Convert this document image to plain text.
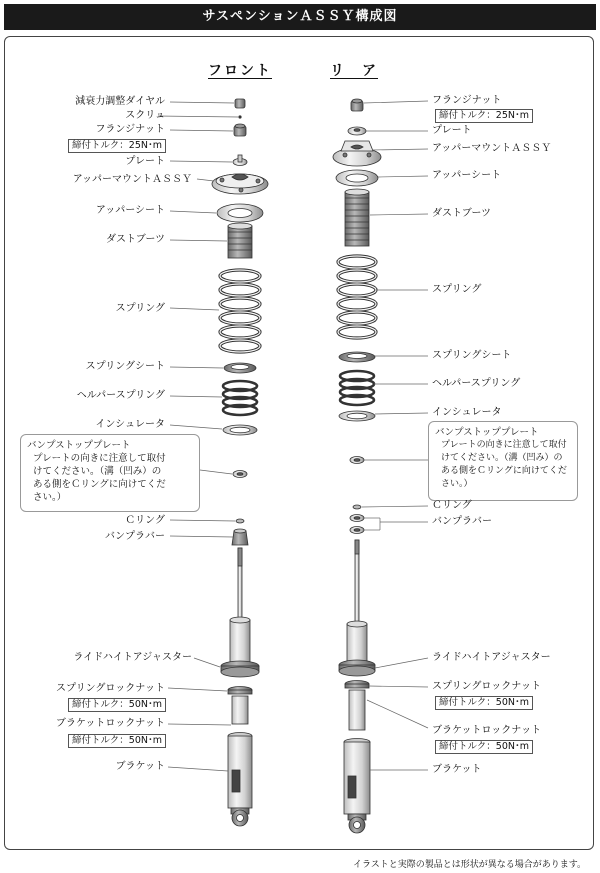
サスペンションＡＳＳＹ構成図
フロント	リ　ア
減衰力調整ダイヤル
スクリュ
フランジナット
締付トルク：25N･m
プレート
アッパーマウントＡＳＳＹ
アッパーシート
ダストブーツ
スプリング
スプリングシート
ヘルパースプリング
インシュレータ
バンプストッププレート
プレートの向きに注意して取付
けてください。（溝（凹み）の
ある側をＣリングに向けてくだ
さい。）
Ｃリング
バンプラバー
ライドハイトアジャスター
スプリングロックナット
締付トルク：50N･m
ブラケットロックナット
締付トルク：50N･m
ブラケット
フランジナット
締付トルク：25N･m
プレート
アッパーマウントＡＳＳＹ
アッパーシート
ダストブーツ
スプリング
スプリングシート
ヘルパースプリング
インシュレータ
バンプストッププレート
プレートの向きに注意して取付
けてください。（溝（凹み）の
ある側をＣリングに向けてくだ
さい。）
Ｃリング
バンプラバー
ライドハイトアジャスター
スプリングロックナット
締付トルク：50N･m
ブラケットロックナット
締付トルク：50N･m
ブラケット
イラストと実際の製品とは形状が異なる場合があります。
